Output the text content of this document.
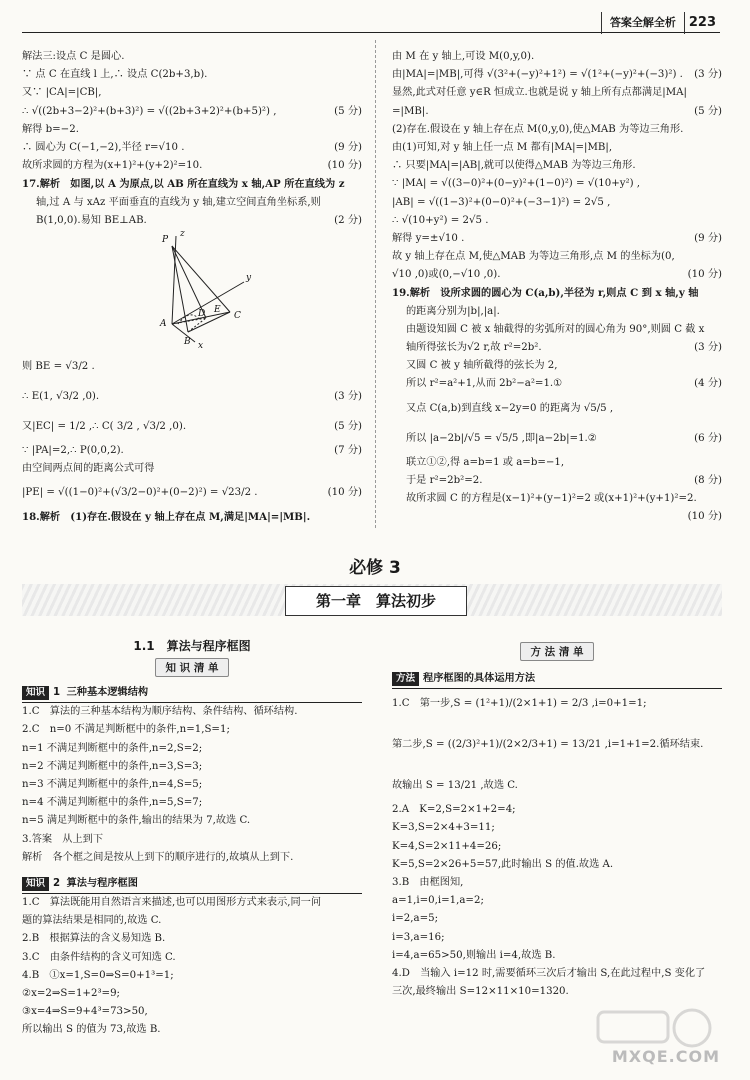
答案全解全析 223
解法三:设点 C 是圆心.
∵ 点 C 在直线 l 上,∴ 设点 C(2b+3,b).
又∵ |CA|=|CB|,
∴ √((2b+3−2)²+(b+3)²) = √((2b+3+2)²+(b+5)²) ,	(5 分)
解得 b=−2.
∴ 圆心为 C(−1,−2),半径 r=√10 .	(9 分)
故所求圆的方程为(x+1)²+(y+2)²=10.	(10 分)
17.解析　如图,以 A 为原点,以 AB 所在直线为 x 轴,AP 所在直线为 z
轴,过 A 与 xAz 平面垂直的直线为 y 轴,建立空间直角坐标系,则
B(1,0,0).易知 BE⊥AB.	(2 分)
P
z
y
A
D E
C
B x
则 BE = √3/2 .
∴ E(1, √3/2 ,0).	(3 分)
又|EC| = 1/2 ,∴ C( 3/2 , √3/2 ,0).	(5 分)
∵ |PA|=2,∴ P(0,0,2).	(7 分)
由空间两点间的距离公式可得
|PE| = √((1−0)²+(√3/2−0)²+(0−2)²) = √23/2 .	(10 分)
18.解析　(1)存在.假设在 y 轴上存在点 M,满足|MA|=|MB|.
由 M 在 y 轴上,可设 M(0,y,0).
由|MA|=|MB|,可得 √(3²+(−y)²+1²) = √(1²+(−y)²+(−3)²) . (3 分)
显然,此式对任意 y∈R 恒成立.也就是说 y 轴上所有点都满足|MA|
=|MB|.	(5 分)
(2)存在.假设在 y 轴上存在点 M(0,y,0),使△MAB 为等边三角形.
由(1)可知,对 y 轴上任一点 M 都有|MA|=|MB|,
∴ 只要|MA|=|AB|,就可以使得△MAB 为等边三角形.
∵ |MA| = √((3−0)²+(0−y)²+(1−0)²) = √(10+y²) ,
|AB| = √((1−3)²+(0−0)²+(−3−1)²) = 2√5 ,
∴ √(10+y²) = 2√5 .
解得 y=±√10 .	(9 分)
故 y 轴上存在点 M,使△MAB 为等边三角形,点 M 的坐标为(0,
√10 ,0)或(0,−√10 ,0).	(10 分)
19.解析　设所求圆的圆心为 C(a,b),半径为 r,则点 C 到 x 轴,y 轴
的距离分别为|b|,|a|.
由题设知圆 C 被 x 轴截得的劣弧所对的圆心角为 90°,则圆 C 截 x
轴所得弦长为√2 r,故 r²=2b².	(3 分)
又圆 C 被 y 轴所截得的弦长为 2,
所以 r²=a²+1,从而 2b²−a²=1.①	(4 分)
又点 C(a,b)到直线 x−2y=0 的距离为 √5/5 ,
所以 |a−2b|/√5 = √5/5 ,即|a−2b|=1.②	(6 分)
联立①②,得 a=b=1 或 a=b=−1,
于是 r²=2b²=2.	(8 分)
故所求圆 C 的方程是(x−1)²+(y−1)²=2 或(x+1)²+(y+1)²=2.
(10 分)
必修 3
第一章　算法初步
1.1　算法与程序框图
知 识 清 单
知识 1 三种基本逻辑结构
1.C　算法的三种基本结构为顺序结构、条件结构、循环结构.
2.C　n=0 不满足判断框中的条件,n=1,S=1;
n=1 不满足判断框中的条件,n=2,S=2;
n=2 不满足判断框中的条件,n=3,S=3;
n=3 不满足判断框中的条件,n=4,S=5;
n=4 不满足判断框中的条件,n=5,S=7;
n=5 满足判断框中的条件,输出的结果为 7,故选 C.
3.答案　从上到下
解析　各个框之间是按从上到下的顺序进行的,故填从上到下.
知识 2 算法与程序框图
1.C　算法既能用自然语言来描述,也可以用图形方式来表示,同一问
题的算法结果是相同的,故选 C.
2.B　根据算法的含义易知选 B.
3.C　由条件结构的含义可知选 C.
4.B　①x=1,S=0⇒S=0+1³=1;
②x=2⇒S=1+2³=9;
③x=4⇒S=9+4³=73>50,
所以输出 S 的值为 73,故选 B.
方 法 清 单
方法 程序框图的具体运用方法
1.C　第一步,S = (1²+1)/(2×1+1) = 2/3 ,i=0+1=1;
第二步,S = ((2/3)²+1)/(2×2/3+1) = 13/21 ,i=1+1=2.循环结束.
故输出 S = 13/21 ,故选 C.
2.A　K=2,S=2×1+2=4;
K=3,S=2×4+3=11;
K=4,S=2×11+4=26;
K=5,S=2×26+5=57,此时输出 S 的值.故选 A.
3.B　由框图知,
a=1,i=0,i=1,a=2;
i=2,a=5;
i=3,a=16;
i=4,a=65>50,则输出 i=4,故选 B.
4.D　当输入 i=12 时,需要循环三次后才输出 S,在此过程中,S 变化了
三次,最终输出 S=12×11×10=1320.
MXQE.COM
